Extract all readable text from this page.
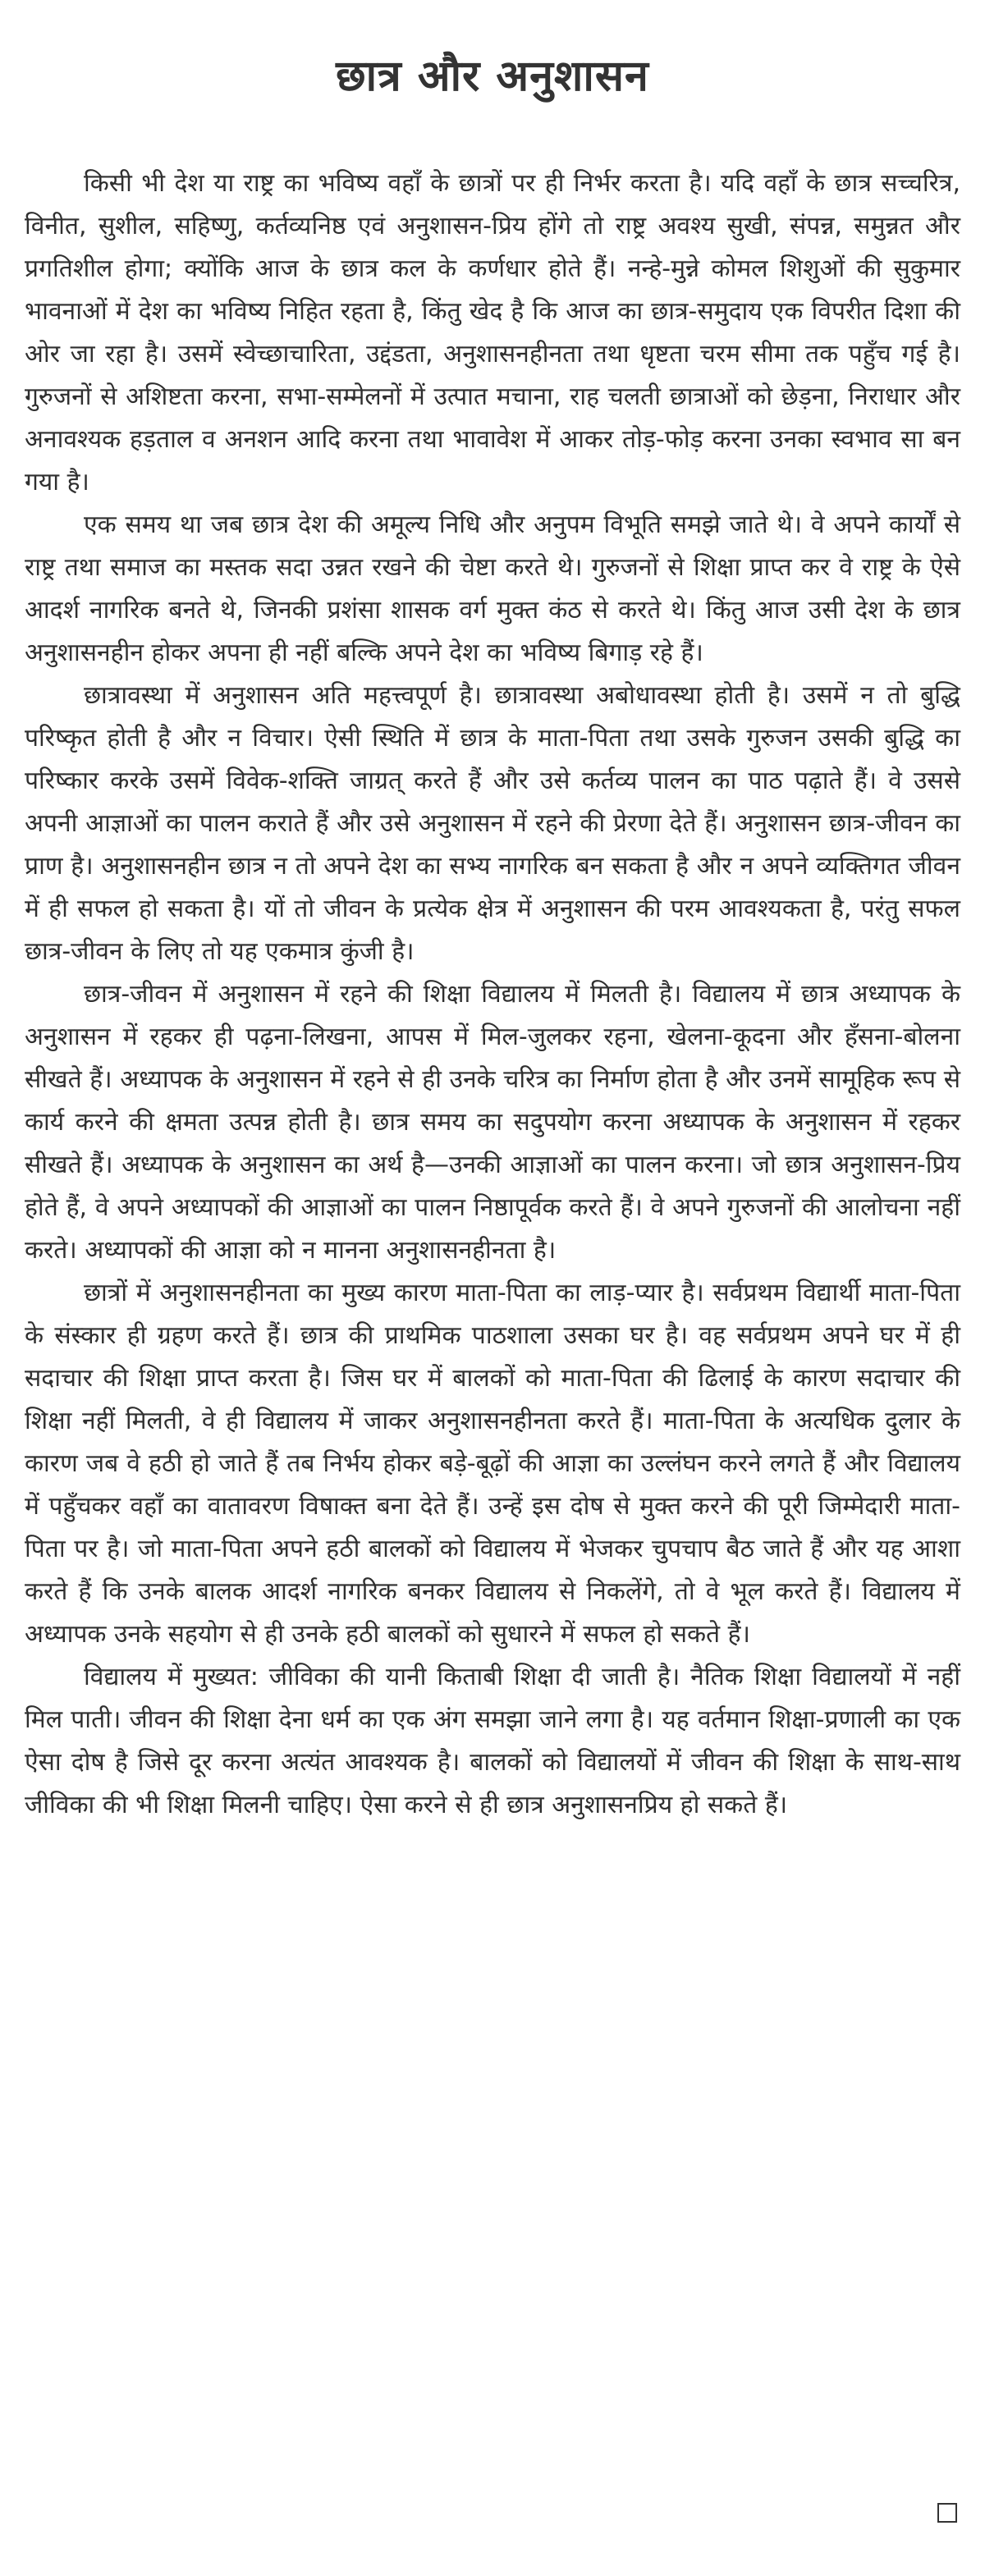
छात्र और अनुशासन

किसी भी देश या राष्ट्र का भविष्य वहाँ के छात्रों पर ही निर्भर करता है। यदि वहाँ के छात्र सच्चरित्र, विनीत, सुशील, सहिष्णु, कर्तव्यनिष्ठ एवं अनुशासन-प्रिय होंगे तो राष्ट्र अवश्य सुखी, संपन्न, समुन्नत और प्रगतिशील होगा; क्योंकि आज के छात्र कल के कर्णधार होते हैं। नन्हे-मुन्ने कोमल शिशुओं की सुकुमार भावनाओं में देश का भविष्य निहित रहता है, किंतु खेद है कि आज का छात्र-समुदाय एक विपरीत दिशा की ओर जा रहा है। उसमें स्वेच्छाचारिता, उद्दंडता, अनुशासनहीनता तथा धृष्टता चरम सीमा तक पहुँच गई है। गुरुजनों से अशिष्टता करना, सभा-सम्मेलनों में उत्पात मचाना, राह चलती छात्राओं को छेड़ना, निराधार और अनावश्यक हड़ताल व अनशन आदि करना तथा भावावेश में आकर तोड़-फोड़ करना उनका स्वभाव सा बन गया है।

एक समय था जब छात्र देश की अमूल्य निधि और अनुपम विभूति समझे जाते थे। वे अपने कार्यों से राष्ट्र तथा समाज का मस्तक सदा उन्नत रखने की चेष्टा करते थे। गुरुजनों से शिक्षा प्राप्त कर वे राष्ट्र के ऐसे आदर्श नागरिक बनते थे, जिनकी प्रशंसा शासक वर्ग मुक्त कंठ से करते थे। किंतु आज उसी देश के छात्र अनुशासनहीन होकर अपना ही नहीं बल्कि अपने देश का भविष्य बिगाड़ रहे हैं।

छात्रावस्था में अनुशासन अति महत्त्वपूर्ण है। छात्रावस्था अबोधावस्था होती है। उसमें न तो बुद्धि परिष्कृत होती है और न विचार। ऐसी स्थिति में छात्र के माता-पिता तथा उसके गुरुजन उसकी बुद्धि का परिष्कार करके उसमें विवेक-शक्ति जाग्रत् करते हैं और उसे कर्तव्य पालन का पाठ पढ़ाते हैं। वे उससे अपनी आज्ञाओं का पालन कराते हैं और उसे अनुशासन में रहने की प्रेरणा देते हैं। अनुशासन छात्र-जीवन का प्राण है। अनुशासनहीन छात्र न तो अपने देश का सभ्य नागरिक बन सकता है और न अपने व्यक्तिगत जीवन में ही सफल हो सकता है। यों तो जीवन के प्रत्येक क्षेत्र में अनुशासन की परम आवश्यकता है, परंतु सफल छात्र-जीवन के लिए तो यह एकमात्र कुंजी है।

छात्र-जीवन में अनुशासन में रहने की शिक्षा विद्यालय में मिलती है। विद्यालय में छात्र अध्यापक के अनुशासन में रहकर ही पढ़ना-लिखना, आपस में मिल-जुलकर रहना, खेलना-कूदना और हँसना-बोलना सीखते हैं। अध्यापक के अनुशासन में रहने से ही उनके चरित्र का निर्माण होता है और उनमें सामूहिक रूप से कार्य करने की क्षमता उत्पन्न होती है। छात्र समय का सदुपयोग करना अध्यापक के अनुशासन में रहकर सीखते हैं। अध्यापक के अनुशासन का अर्थ है—उनकी आज्ञाओं का पालन करना। जो छात्र अनुशासन-प्रिय होते हैं, वे अपने अध्यापकों की आज्ञाओं का पालन निष्ठापूर्वक करते हैं। वे अपने गुरुजनों की आलोचना नहीं करते। अध्यापकों की आज्ञा को न मानना अनुशासनहीनता है।

छात्रों में अनुशासनहीनता का मुख्य कारण माता-पिता का लाड़-प्यार है। सर्वप्रथम विद्यार्थी माता-पिता के संस्कार ही ग्रहण करते हैं। छात्र की प्राथमिक पाठशाला उसका घर है। वह सर्वप्रथम अपने घर में ही सदाचार की शिक्षा प्राप्त करता है। जिस घर में बालकों को माता-पिता की ढिलाई के कारण सदाचार की शिक्षा नहीं मिलती, वे ही विद्यालय में जाकर अनुशासनहीनता करते हैं। माता-पिता के अत्यधिक दुलार के कारण जब वे हठी हो जाते हैं तब निर्भय होकर बड़े-बूढ़ों की आज्ञा का उल्लंघन करने लगते हैं और विद्यालय में पहुँचकर वहाँ का वातावरण विषाक्त बना देते हैं। उन्हें इस दोष से मुक्त करने की पूरी जिम्मेदारी माता-पिता पर है। जो माता-पिता अपने हठी बालकों को विद्यालय में भेजकर चुपचाप बैठ जाते हैं और यह आशा करते हैं कि उनके बालक आदर्श नागरिक बनकर विद्यालय से निकलेंगे, तो वे भूल करते हैं। विद्यालय में अध्यापक उनके सहयोग से ही उनके हठी बालकों को सुधारने में सफल हो सकते हैं।

विद्यालय में मुख्यत: जीविका की यानी किताबी शिक्षा दी जाती है। नैतिक शिक्षा विद्यालयों में नहीं मिल पाती। जीवन की शिक्षा देना धर्म का एक अंग समझा जाने लगा है। यह वर्तमान शिक्षा-प्रणाली का एक ऐसा दोष है जिसे दूर करना अत्यंत आवश्यक है। बालकों को विद्यालयों में जीवन की शिक्षा के साथ-साथ जीविका की भी शिक्षा मिलनी चाहिए। ऐसा करने से ही छात्र अनुशासनप्रिय हो सकते हैं।
